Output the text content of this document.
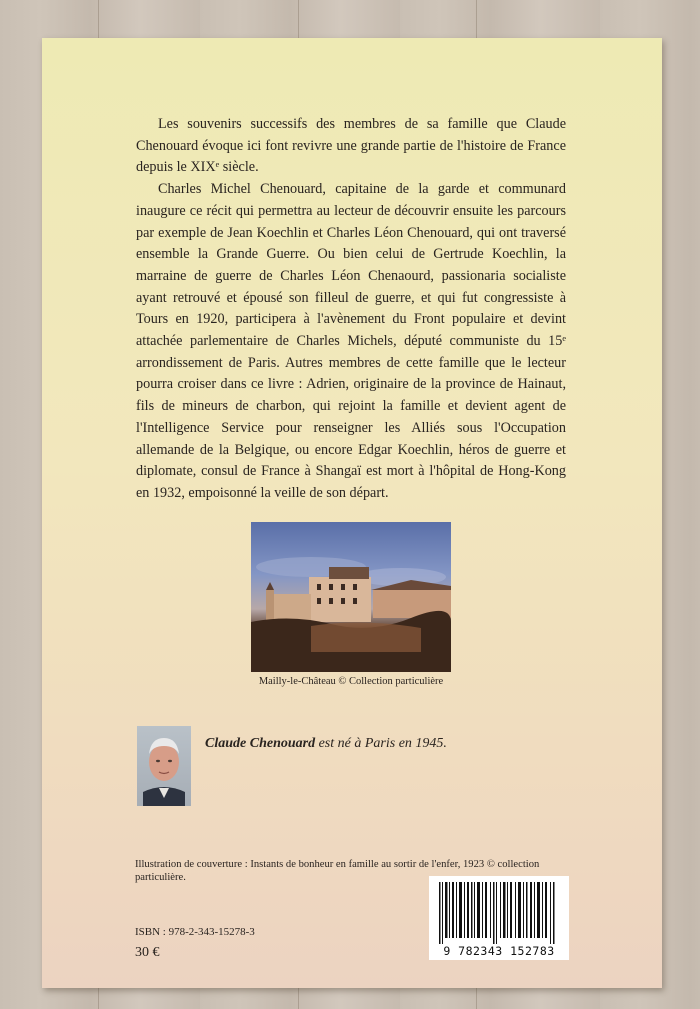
Les souvenirs successifs des membres de sa famille que Claude Chenouard évoque ici font revivre une grande partie de l'histoire de France depuis le XIXᵉ siècle.

Charles Michel Chenouard, capitaine de la garde et communard inaugure ce récit qui permettra au lecteur de découvrir ensuite les parcours par exemple de Jean Koechlin et Charles Léon Chenouard, qui ont traversé ensemble la Grande Guerre. Ou bien celui de Gertrude Koechlin, la marraine de guerre de Charles Léon Chenaourd, passionaria socialiste ayant retrouvé et épousé son filleul de guerre, et qui fut congressiste à Tours en 1920, participera à l'avènement du Front populaire et devint attachée parlementaire de Charles Michels, député communiste du 15ᵉ arrondissement de Paris. Autres membres de cette famille que le lecteur pourra croiser dans ce livre : Adrien, originaire de la province de Hainaut, fils de mineurs de charbon, qui rejoint la famille et devient agent de l'Intelligence Service pour renseigner les Alliés sous l'Occupation allemande de la Belgique, ou encore Edgar Koechlin, héros de guerre et diplomate, consul de France à Shangaï est mort à l'hôpital de Hong-Kong en 1932, empoisonné la veille de son départ.

Mailly-le-Château © Collection particulière
Claude Chenouard est né à Paris en 1945.
Illustration de couverture : Instants de bonheur en famille au sortir de l'enfer, 1923 © collection particulière.
9 782343 152783
ISBN : 978-2-343-15278-3
30 €
